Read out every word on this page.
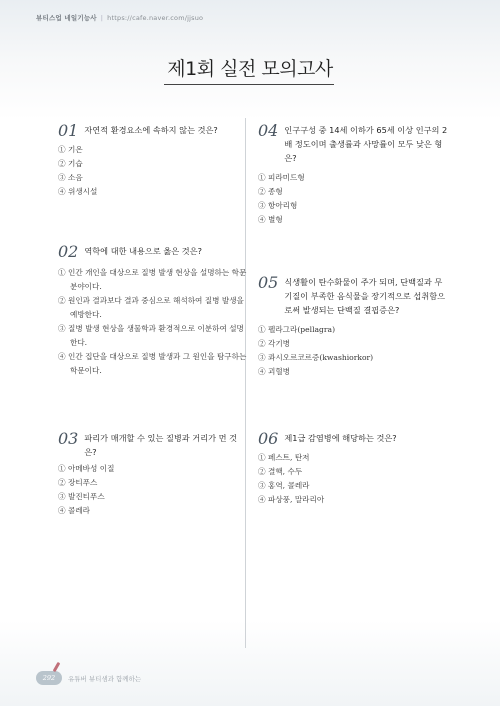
뷰티스업 네일기능사 | https://cafe.naver.com/jjsuo
제1회 실전 모의고사
01 자연적 환경요소에 속하지 않는 것은?
① 기온
② 기습
③ 소음
④ 위생시설
02 역학에 대한 내용으로 옳은 것은?
① 인간 개인을 대상으로 질병 발생 현상을 설명하는 학문 분야이다.
② 원인과 결과보다 결과 중심으로 해석하여 질병 발생을 예방한다.
③ 질병 발생 현상을 생물학과 환경적으로 이분하여 설명한다.
④ 인간 집단을 대상으로 질병 발생과 그 원인을 탐구하는 학문이다.
03 파리가 매개할 수 있는 질병과 거리가 먼 것은?
① 아메바성 이질
② 장티푸스
③ 발진티푸스
④ 콜레라
04 인구구성 중 14세 이하가 65세 이상 인구의 2배 정도이며 출생률과 사망률이 모두 낮은 형은?
① 피라미드형
② 종형
③ 항아리형
④ 별형
05 식생활이 탄수화물이 주가 되며, 단백질과 무기질이 부족한 음식물을 장기적으로 섭취함으로써 발생되는 단백질 결핍증은?
① 펠라그라(pellagra)
② 각기병
③ 콰시오르코르증(kwashiorkor)
④ 괴혈병
06 제1급 감염병에 해당하는 것은?
① 페스트, 탄저
② 결핵, 수두
③ 홍역, 콜레라
④ 파상풍, 말라리아
292	유튜버 뷰티샘과 함께하는
